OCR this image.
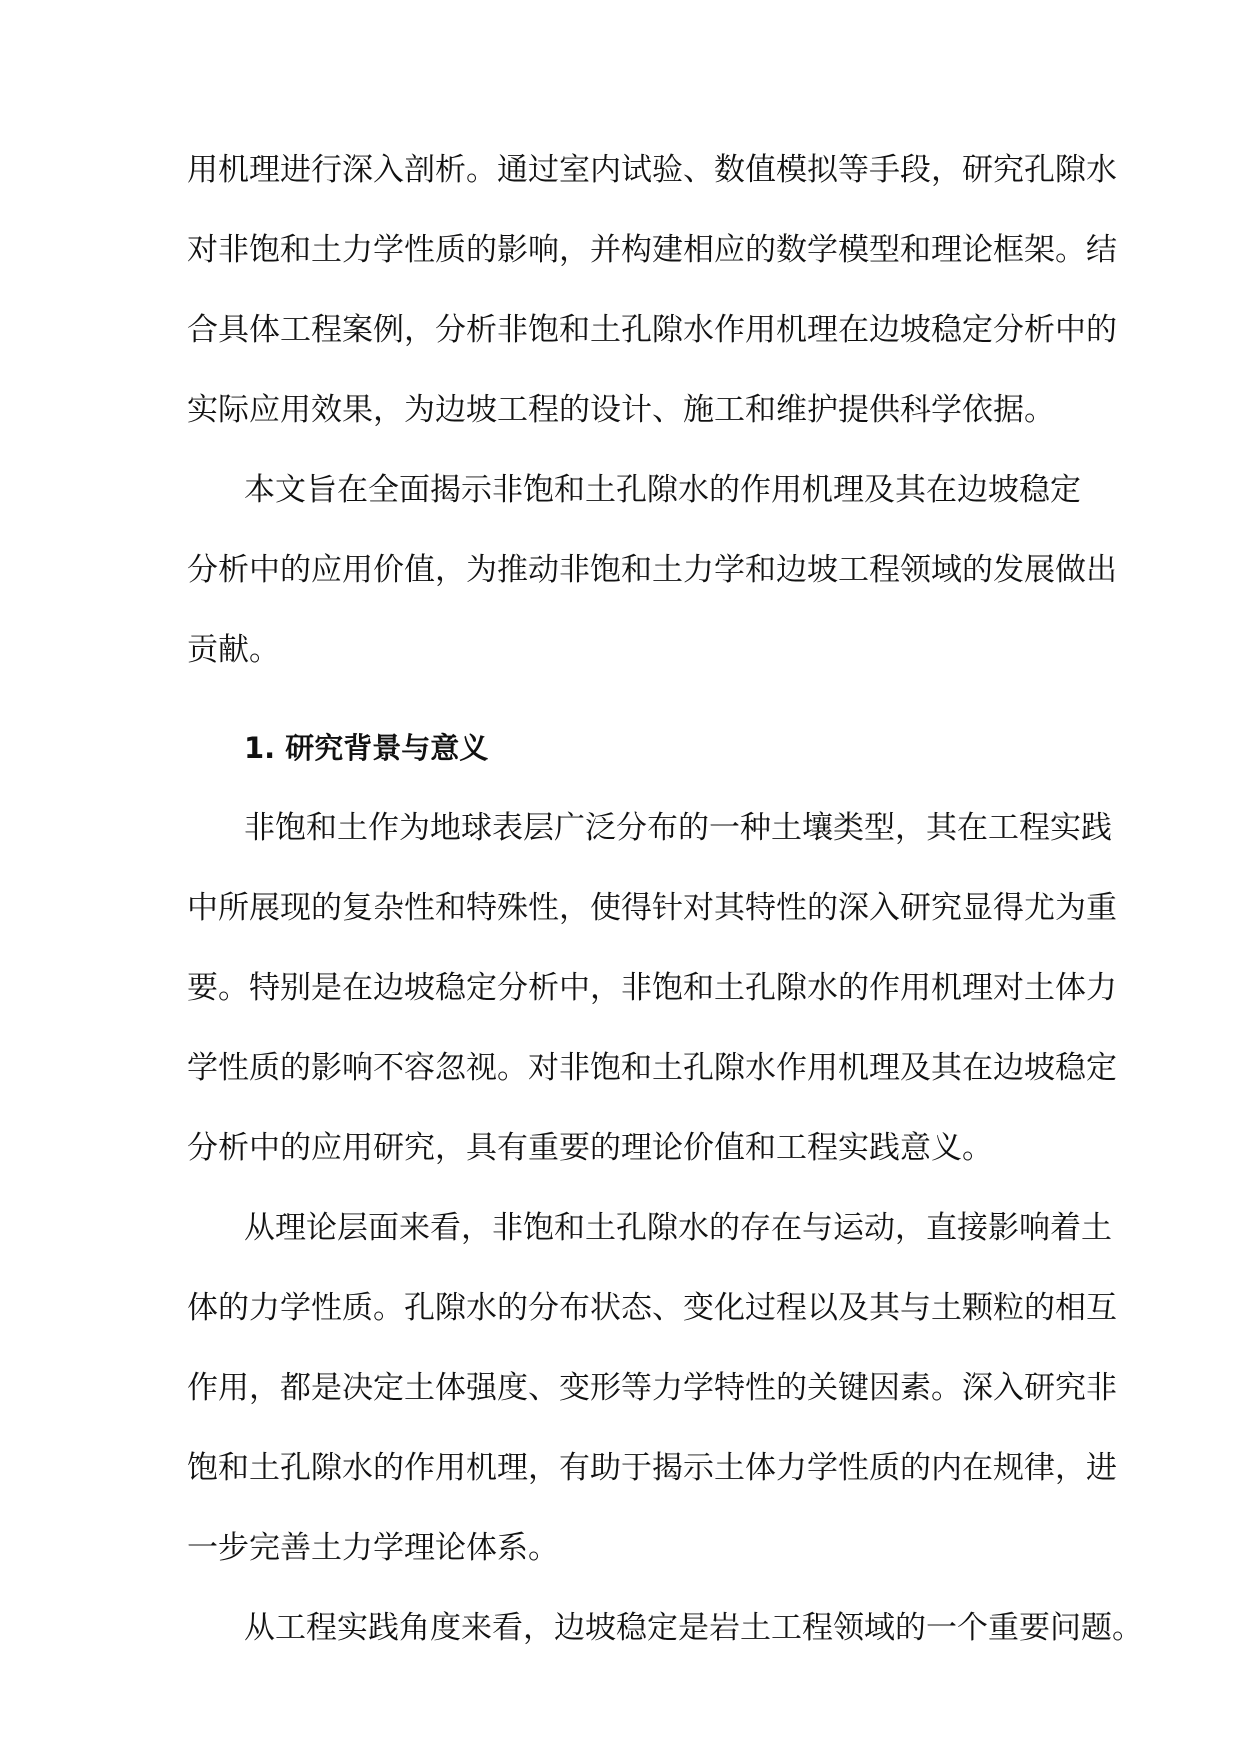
用机理进行深入剖析。通过室内试验、数值模拟等手段，研究孔隙水

对非饱和土力学性质的影响，并构建相应的数学模型和理论框架。结

合具体工程案例，分析非饱和土孔隙水作用机理在边坡稳定分析中的

实际应用效果，为边坡工程的设计、施工和维护提供科学依据。

本文旨在全面揭示非饱和土孔隙水的作用机理及其在边坡稳定

分析中的应用价值，为推动非饱和土力学和边坡工程领域的发展做出

贡献。

1. 研究背景与意义

非饱和土作为地球表层广泛分布的一种土壤类型，其在工程实践

中所展现的复杂性和特殊性，使得针对其特性的深入研究显得尤为重

要。特别是在边坡稳定分析中，非饱和土孔隙水的作用机理对土体力

学性质的影响不容忽视。对非饱和土孔隙水作用机理及其在边坡稳定

分析中的应用研究，具有重要的理论价值和工程实践意义。

从理论层面来看，非饱和土孔隙水的存在与运动，直接影响着土

体的力学性质。孔隙水的分布状态、变化过程以及其与土颗粒的相互

作用，都是决定土体强度、变形等力学特性的关键因素。深入研究非

饱和土孔隙水的作用机理，有助于揭示土体力学性质的内在规律，进

一步完善土力学理论体系。

从工程实践角度来看，边坡稳定是岩土工程领域的一个重要问题。
